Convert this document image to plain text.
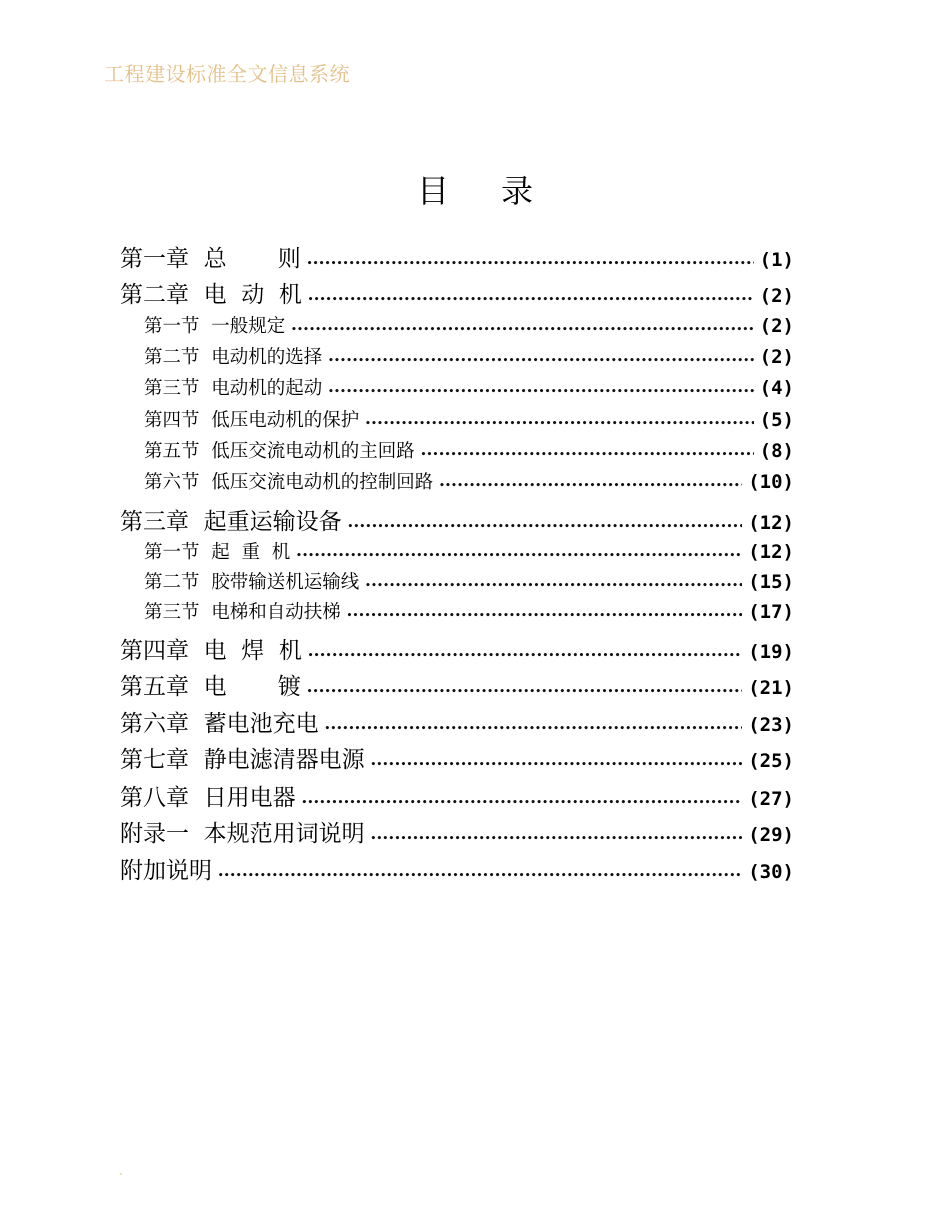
工程建设标准全文信息系统
目录
第一章  总       则 •••••	(1)
第二章  电  动  机 •••••	(2)
第一节  一般规定 •••••	(2)
第二节  电动机的选择 •••••	(2)
第三节  电动机的起动 •••••	(4)
第四节  低压电动机的保护 •••••	(5)
第五节  低压交流电动机的主回路 •••••	(8)
第六节  低压交流电动机的控制回路 •••••	(10)
第三章  起重运输设备 •••••	(12)
第一节  起  重  机 •••••	(12)
第二节  胶带输送机运输线 •••••	(15)
第三节  电梯和自动扶梯 •••••	(17)
第四章  电  焊  机 •••••	(19)
第五章  电       镀 •••••	(21)
第六章  蓄电池充电 •••••	(23)
第七章  静电滤清器电源 •••••	(25)
第八章  日用电器 •••••	(27)
附录一  本规范用词说明 •••••	(29)
附加说明 •••••	(30)
·
